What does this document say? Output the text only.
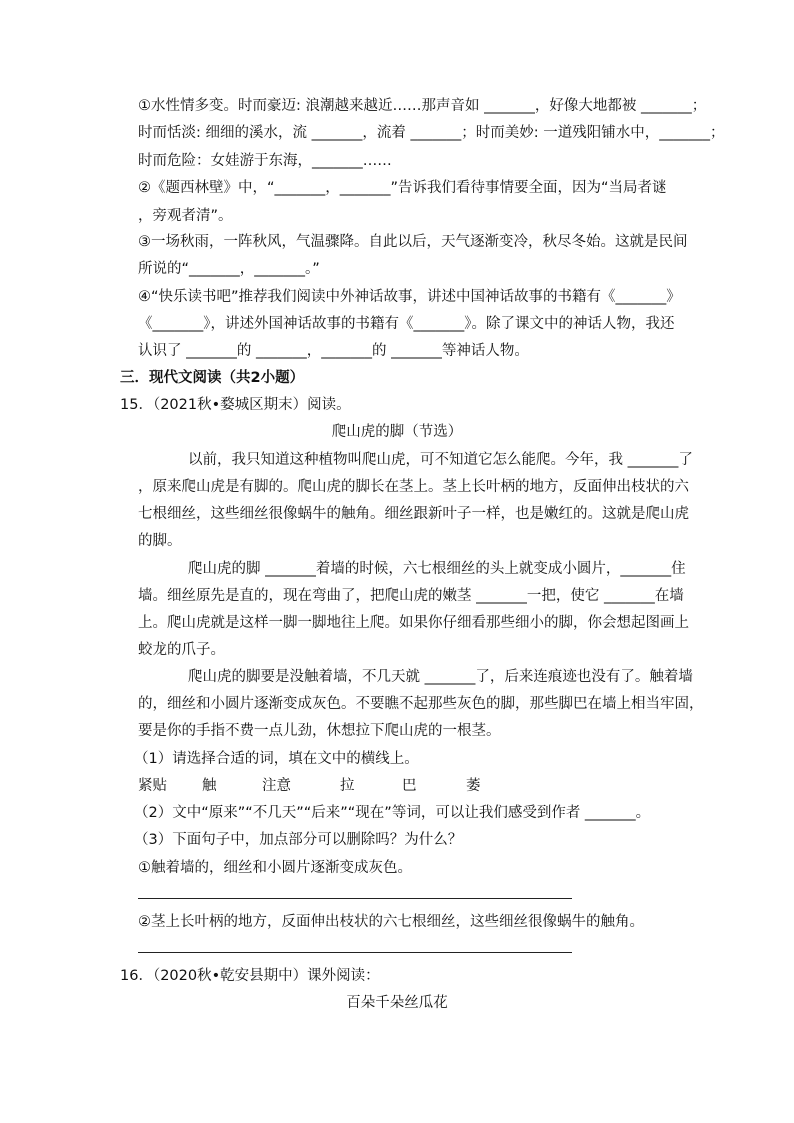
①水性情多变。时而豪迈: 浪潮越来越近……那声音如 _______，好像大地都被 _______；
时而恬淡: 细细的溪水，流 _______，流着 _______；时而美妙: 一道残阳铺水中，_______；
时而危险：女娃游于东海，_______……
②《题西林壁》中，“_______，_______”告诉我们看待事情要全面，因为“当局者谜
，旁观者清”。
③一场秋雨，一阵秋风，气温骤降。自此以后，天气逐渐变冷，秋尽冬始。这就是民间
所说的“_______，_______。”
④“快乐读书吧”推荐我们阅读中外神话故事，讲述中国神话故事的书籍有《_______》
《_______》，讲述外国神话故事的书籍有《_______》。除了课文中的神话人物，我还
认识了 _______的 _______，_______的 _______等神话人物。
三．现代文阅读（共2小题）
15．（2021秋•婺城区期末）阅读。
爬山虎的脚（节选）
以前，我只知道这种植物叫爬山虎，可不知道它怎么能爬。今年，我 _______了
，原来爬山虎是有脚的。爬山虎的脚长在茎上。茎上长叶柄的地方，反面伸出枝状的六
七根细丝，这些细丝很像蜗牛的触角。细丝跟新叶子一样，也是嫩红的。这就是爬山虎
的脚。
爬山虎的脚 _______着墙的时候，六七根细丝的头上就变成小圆片，_______住
墙。细丝原先是直的，现在弯曲了，把爬山虎的嫩茎 _______一把，使它 _______在墙
上。爬山虎就是这样一脚一脚地往上爬。如果你仔细看那些细小的脚，你会想起图画上
蛟龙的爪子。
爬山虎的脚要是没触着墙，不几天就 _______了，后来连痕迹也没有了。触着墙
的，细丝和小圆片逐渐变成灰色。不要瞧不起那些灰色的脚，那些脚巴在墙上相当牢固，
要是你的手指不费一点儿劲，休想拉下爬山虎的一根茎。
（1）请选择合适的词，填在文中的横线上。
紧贴 触	注意	拉	巴	萎
（2）文中“原来”“不几天”“后来”“现在”等词，可以让我们感受到作者 _______。
（3）下面句子中，加点部分可以删除吗？为什么？
①触着墙的，细丝和小圆片逐渐变成灰色。
②茎上长叶柄的地方，反面伸出枝状的六七根细丝，这些细丝很像蜗牛的触角。
16．（2020秋•乾安县期中）课外阅读：
百朵千朵丝瓜花
